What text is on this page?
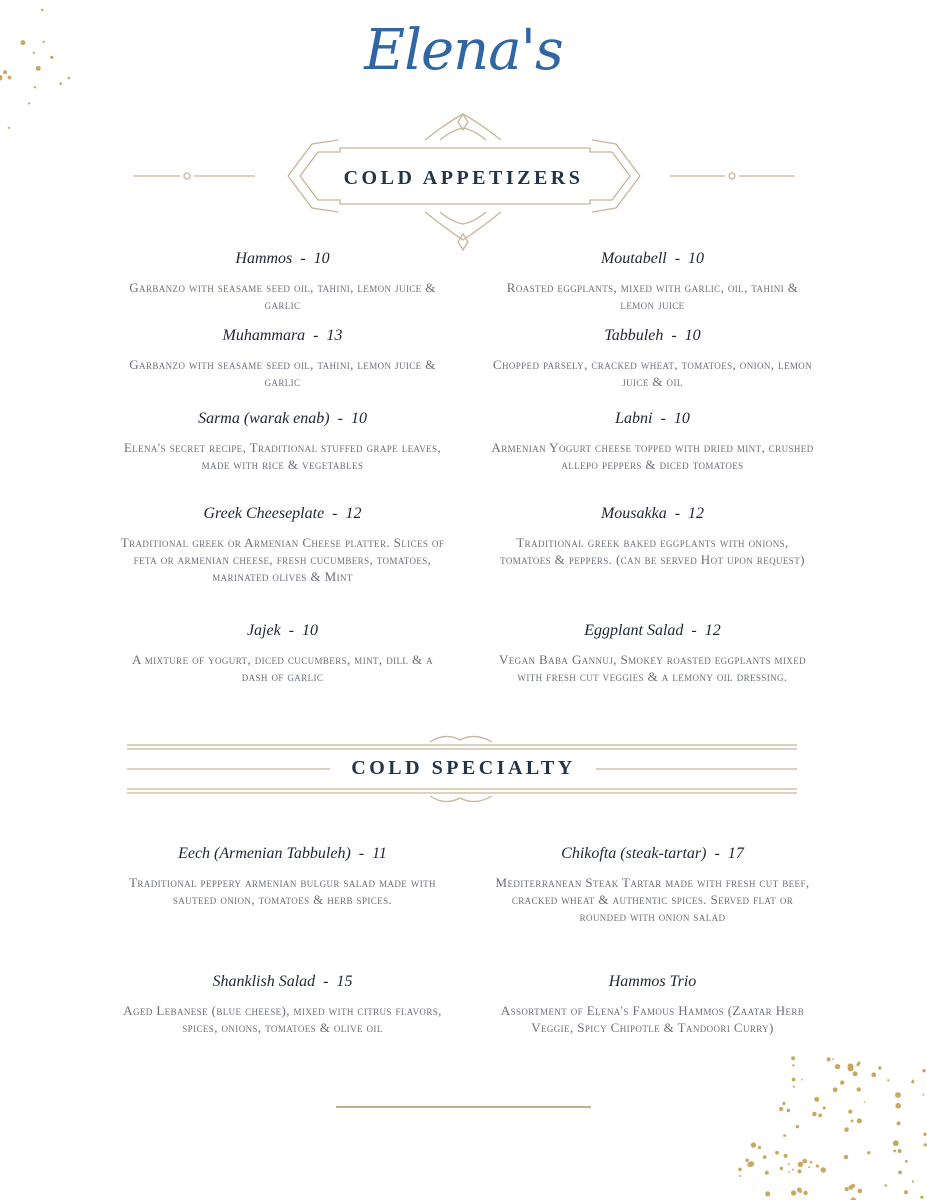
Elena's
COLD APPETIZERS
Hammos  -  10
Garbanzo with seasame seed oil, tahini, lemon juice & garlic
Moutabell  -  10
Roasted eggplants, mixed with garlic, oil, tahini & lemon juice
Muhammara  -  13
Garbanzo with seasame seed oil, tahini, lemon juice & garlic
Tabbuleh  -  10
Chopped parsely, cracked wheat, tomatoes, onion, lemon juice & oil
Sarma (warak enab)  -  10
Elena's secret recipe, Traditional stuffed grape leaves, made with rice & vegetables
Labni  -  10
Armenian Yogurt cheese topped with dried mint, crushed allepo peppers & diced tomatoes
Greek Cheeseplate  -  12
Traditional greek or Armenian Cheese platter. Slices of feta or armenian cheese, fresh cucumbers, tomatoes, marinated olives & Mint
Mousakka  -  12
Traditional greek baked eggplants with onions, tomatoes & peppers. (can be served Hot upon request)
Jajek  -  10
A mixture of yogurt, diced cucumbers, mint, dill & a dash of garlic
Eggplant Salad  -  12
Vegan Baba Gannuj, Smokey roasted eggplants mixed with fresh cut veggies & a lemony oil dressing.
COLD SPECIALTY
Eech (Armenian Tabbuleh)  -  11
Traditional peppery armenian bulgur salad made with sauteed onion, tomatoes & herb spices.
Chikofta (steak-tartar)  -  17
Mediterranean Steak Tartar made with fresh cut beef, cracked wheat & authentic spices. Served flat or rounded with onion salad
Shanklish Salad  -  15
Aged Lebanese (blue cheese), mixed with citrus flavors, spices, onions, tomatoes & olive oil
Hammos Trio
Assortment of Elena's Famous Hammos (Zaatar Herb Veggie, Spicy Chipotle & Tandoori Curry)
